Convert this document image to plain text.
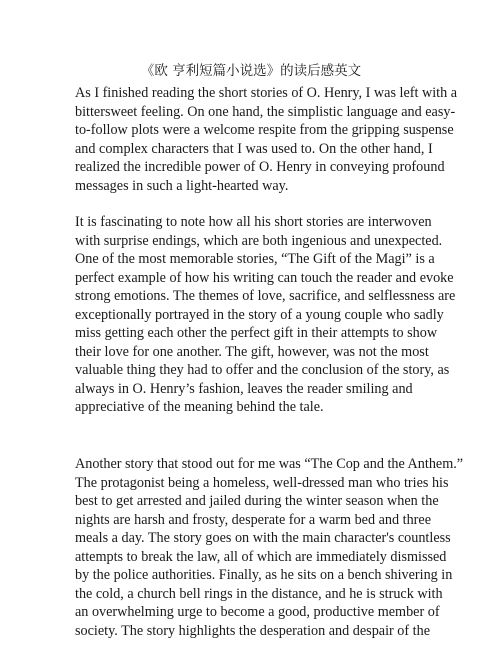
《欧 亨利短篇小说选》的读后感英文

As I finished reading the short stories of O. Henry, I was left with a
bittersweet feeling. On one hand, the simplistic language and easy-
to-follow plots were a welcome respite from the gripping suspense
and complex characters that I was used to. On the other hand, I
realized the incredible power of O. Henry in conveying profound
messages in such a light-hearted way.

It is fascinating to note how all his short stories are interwoven
with surprise endings, which are both ingenious and unexpected.
One of the most memorable stories, “The Gift of the Magi” is a
perfect example of how his writing can touch the reader and evoke
strong emotions. The themes of love, sacrifice, and selflessness are
exceptionally portrayed in the story of a young couple who sadly
miss getting each other the perfect gift in their attempts to show
their love for one another. The gift, however, was not the most
valuable thing they had to offer and the conclusion of the story, as
always in O. Henry’s fashion, leaves the reader smiling and
appreciative of the meaning behind the tale.

Another story that stood out for me was “The Cop and the Anthem.”
The protagonist being a homeless, well-dressed man who tries his
best to get arrested and jailed during the winter season when the
nights are harsh and frosty, desperate for a warm bed and three
meals a day. The story goes on with the main character's countless
attempts to break the law, all of which are immediately dismissed
by the police authorities. Finally, as he sits on a bench shivering in
the cold, a church bell rings in the distance, and he is struck with
an overwhelming urge to become a good, productive member of
society. The story highlights the desperation and despair of the
